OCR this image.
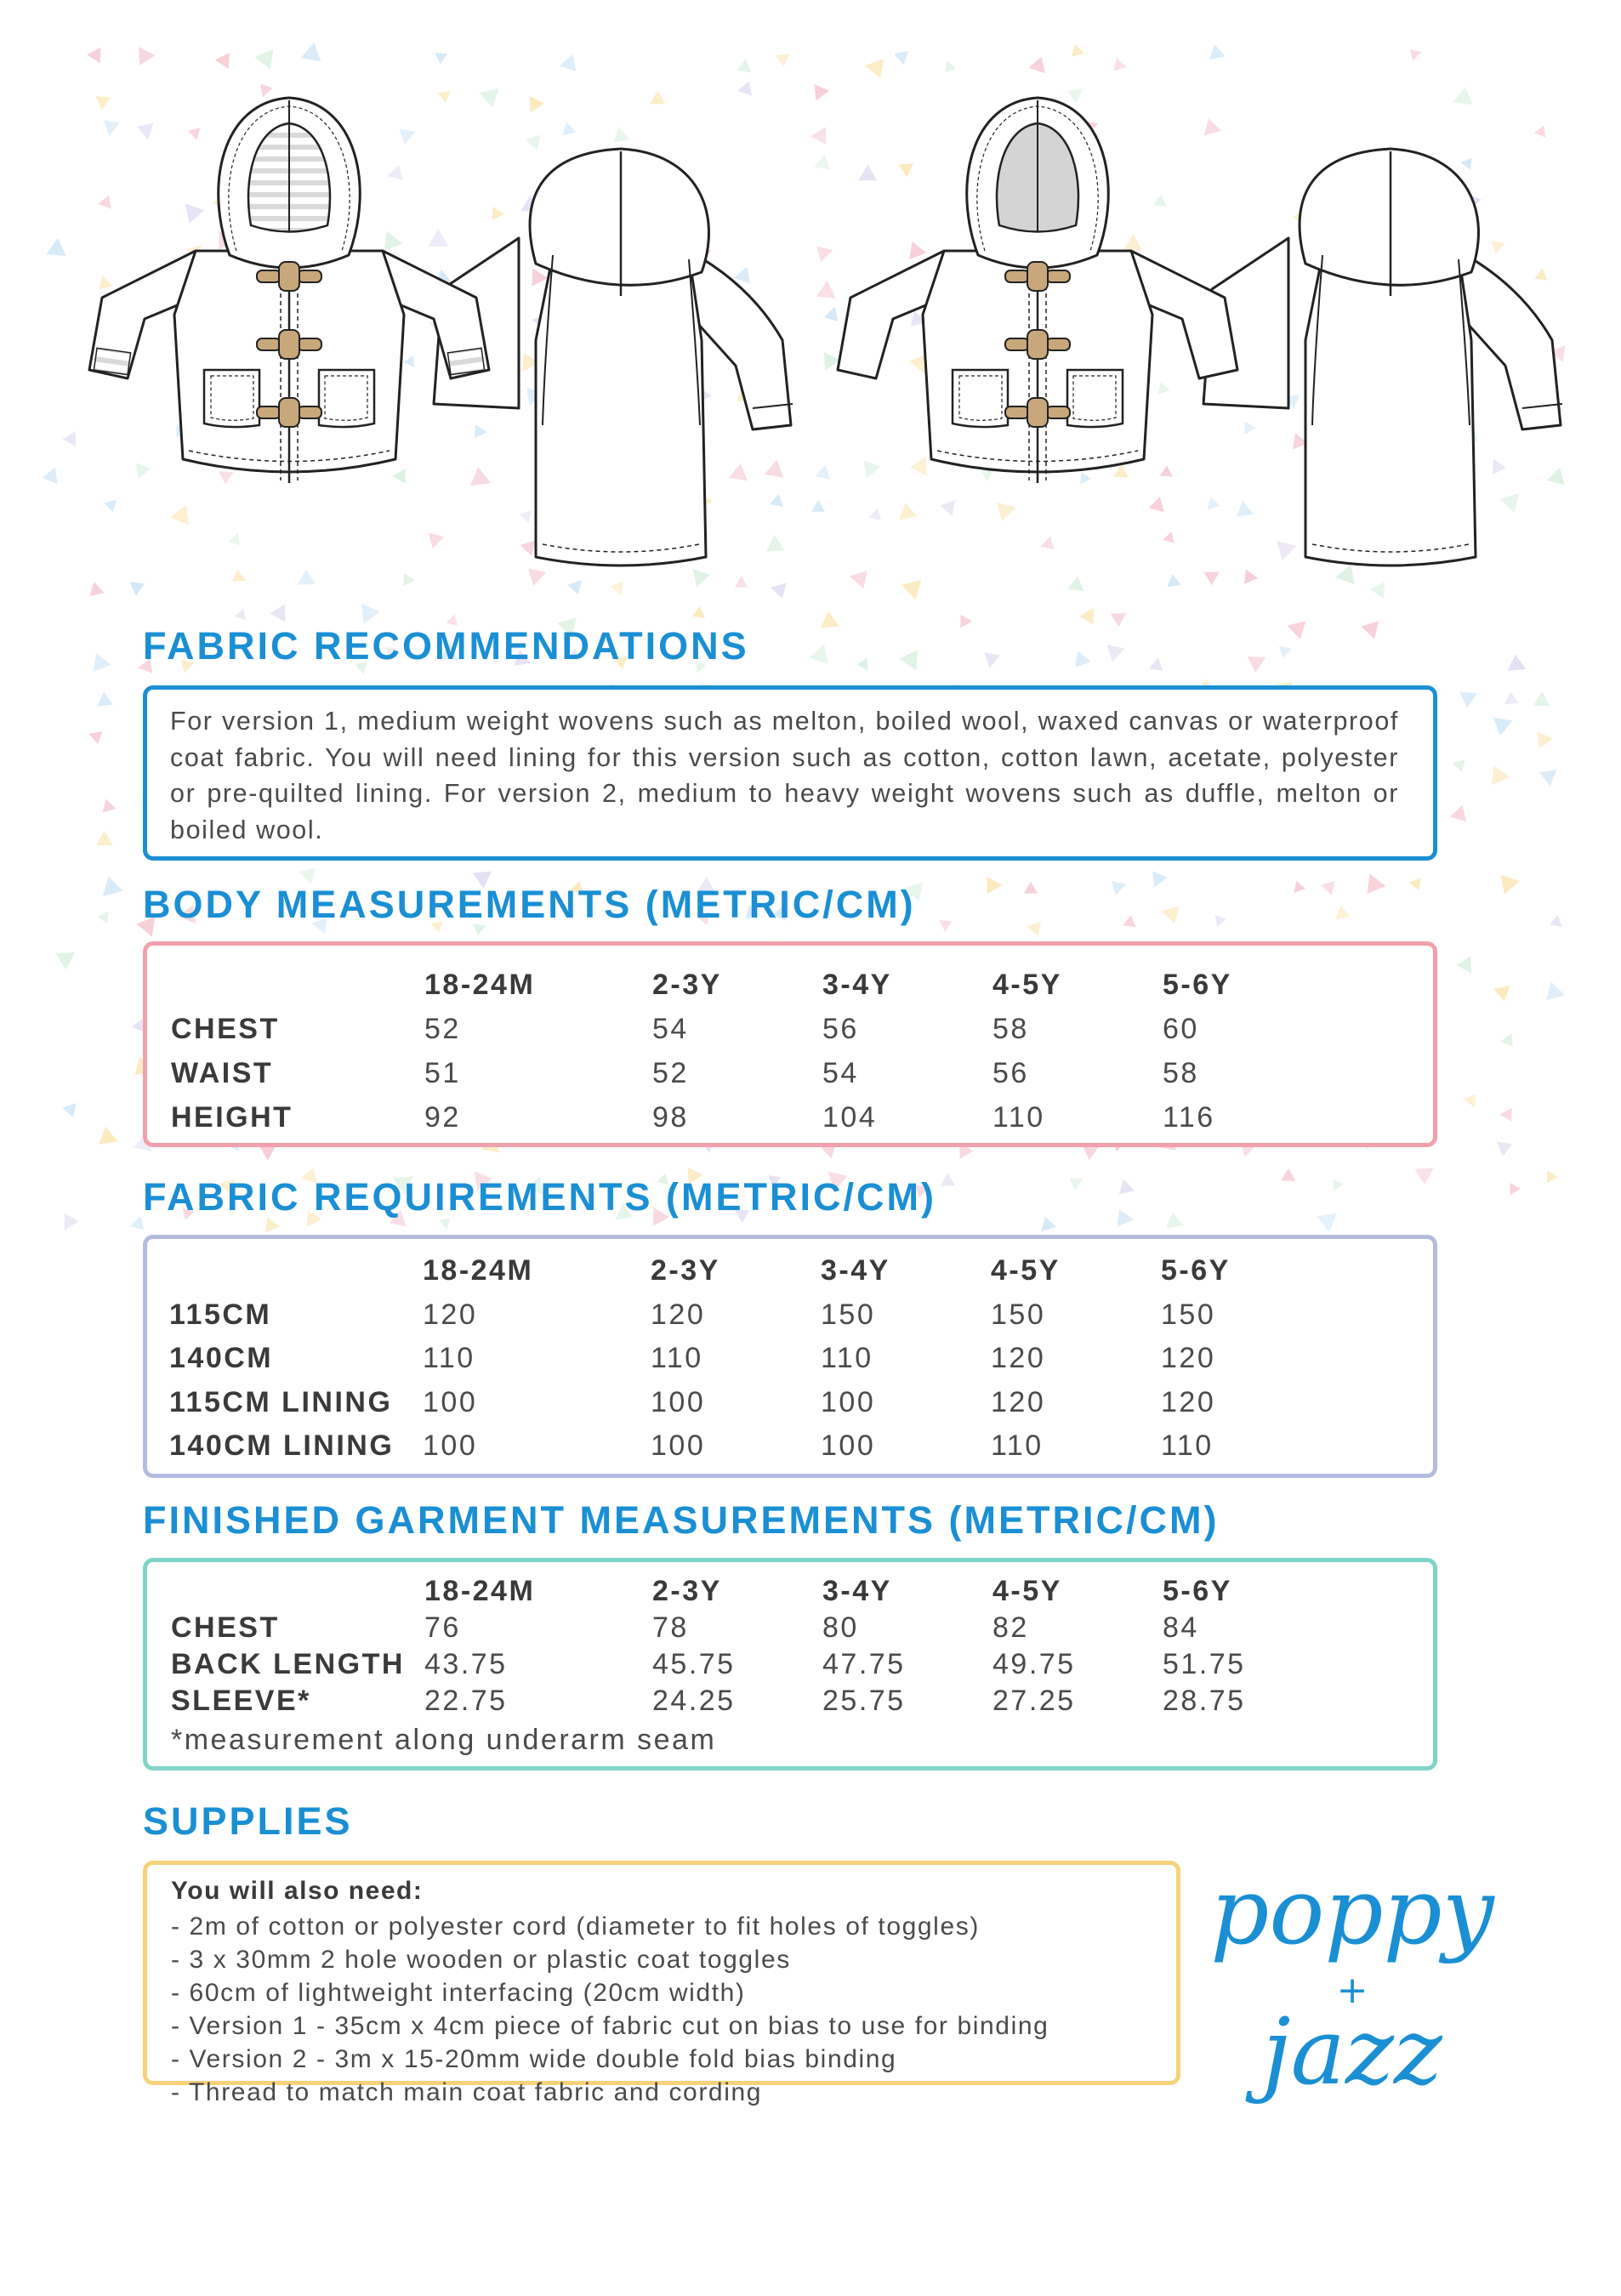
FABRIC RECOMMENDATIONS

For version 1, medium weight wovens such as melton, boiled wool, waxed canvas or waterproof coat fabric. You will need lining for this version such as cotton, cotton lawn, acetate, polyester or pre-quilted lining. For version 2, medium to heavy weight wovens such as duffle, melton or boiled wool.

BODY MEASUREMENTS (METRIC/CM)
	18-24M	2-3Y	3-4Y	4-5Y	5-6Y
CHEST	52	54	56	58	60
WAIST	51	52	54	56	58
HEIGHT	92	98	104	110	116
FABRIC REQUIREMENTS (METRIC/CM)
	18-24M	2-3Y	3-4Y	4-5Y	5-6Y
115CM	120	120	150	150	150
140CM	110	110	110	120	120
115CM LINING	100	100	100	120	120
140CM LINING	100	100	100	110	110
FINISHED GARMENT MEASUREMENTS (METRIC/CM)
	18-24M	2-3Y	3-4Y	4-5Y	5-6Y
CHEST	76	78	80	82	84
BACK LENGTH	43.75	45.75	47.75	49.75	51.75
SLEEVE*	22.75	24.25	25.75	27.25	28.75
*measurement along underarm seam
SUPPLIES
You will also need:
- 2m of cotton or polyester cord (diameter to fit holes of toggles)
- 3 x 30mm 2 hole wooden or plastic coat toggles
- 60cm of lightweight interfacing (20cm width)
- Version 1 - 35cm x 4cm piece of fabric cut on bias to use for binding
- Version 2 - 3m x 15-20mm wide double fold bias binding
- Thread to match main coat fabric and cording
poppy
+
jazz
